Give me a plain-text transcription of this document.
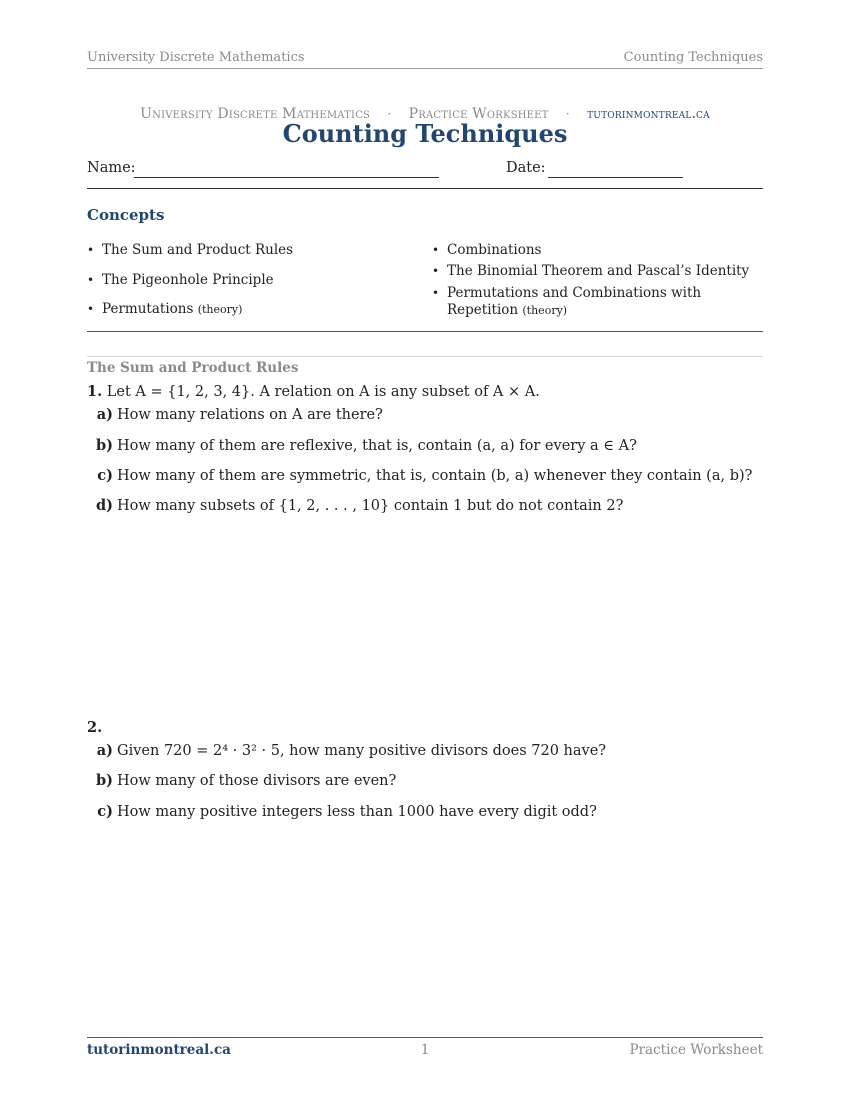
University Discrete Mathematics	Counting Techniques
University Discrete Mathematics · Practice Worksheet · tutorinmontreal.ca
Counting Techniques
Name:	Date:
Concepts
• The Sum and Product Rules
• The Pigeonhole Principle
• Permutations (theory)
• Combinations
• The Binomial Theorem and Pascal’s Identity
• Permutations and Combinations with Repetition (theory)
The Sum and Product Rules
1. Let A = {1, 2, 3, 4}. A relation on A is any subset of A × A.
a) How many relations on A are there?
b) How many of them are reflexive, that is, contain (a, a) for every a ∈ A?
c) How many of them are symmetric, that is, contain (b, a) whenever they contain (a, b)?
d) How many subsets of {1, 2, . . . , 10} contain 1 but do not contain 2?
2.
a) Given 720 = 2⁴ · 3² · 5, how many positive divisors does 720 have?
b) How many of those divisors are even?
c) How many positive integers less than 1000 have every digit odd?
tutorinmontreal.ca	1	Practice Worksheet
